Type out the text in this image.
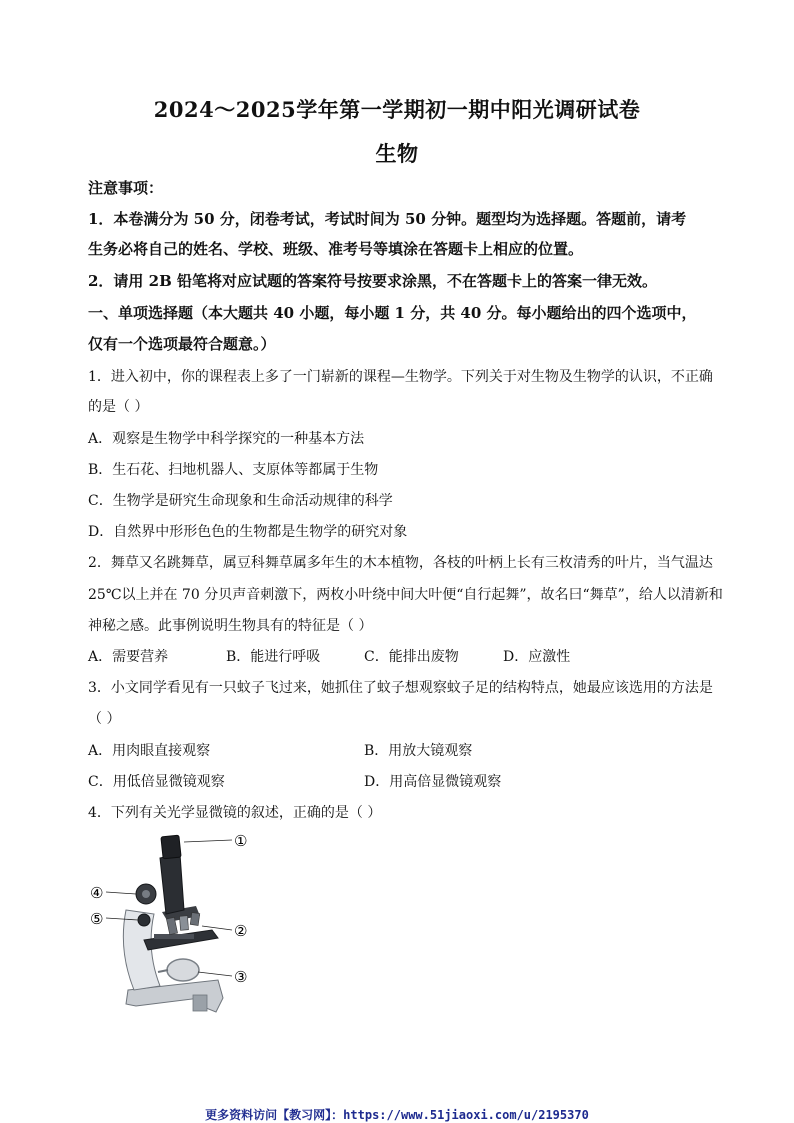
2024～2025学年第一学期初一期中阳光调研试卷
生物
注意事项：
1．本卷满分为 50 分，闭卷考试，考试时间为 50 分钟。题型均为选择题。答题前，请考
生务必将自己的姓名、学校、班级、准考号等填涂在答题卡上相应的位置。
2．请用 2B 铅笔将对应试题的答案符号按要求涂黑，不在答题卡上的答案一律无效。
一、单项选择题（本大题共 40 小题，每小题 1 分，共 40 分。每小题给出的四个选项中，
仅有一个选项最符合题意。）
1．进入初中，你的课程表上多了一门崭新的课程—生物学。下列关于对生物及生物学的认识，不正确
的是（ ）
A．观察是生物学中科学探究的一种基本方法
B．生石花、扫地机器人、支原体等都属于生物
C．生物学是研究生命现象和生命活动规律的科学
D．自然界中形形色色的生物都是生物学的研究对象
2．舞草又名跳舞草，属豆科舞草属多年生的木本植物，各枝的叶柄上长有三枚清秀的叶片，当气温达
25℃以上并在 70 分贝声音刺激下，两枚小叶绕中间大叶便“自行起舞”，故名曰“舞草”，给人以清新和
神秘之感。此事例说明生物具有的特征是（ ）
A．需要营养	B．能进行呼吸	C．能排出废物	D．应激性
3．小文同学看见有一只蚊子飞过来，她抓住了蚊子想观察蚊子足的结构特点，她最应该选用的方法是
（ ）
A．用肉眼直接观察	B．用放大镜观察
C．用低倍显微镜观察	D．用高倍显微镜观察
4．下列有关光学显微镜的叙述，正确的是（ ）
①
②
③
④
⑤
更多资料访问【教习网】：https://www.51jiaoxi.com/u/2195370
